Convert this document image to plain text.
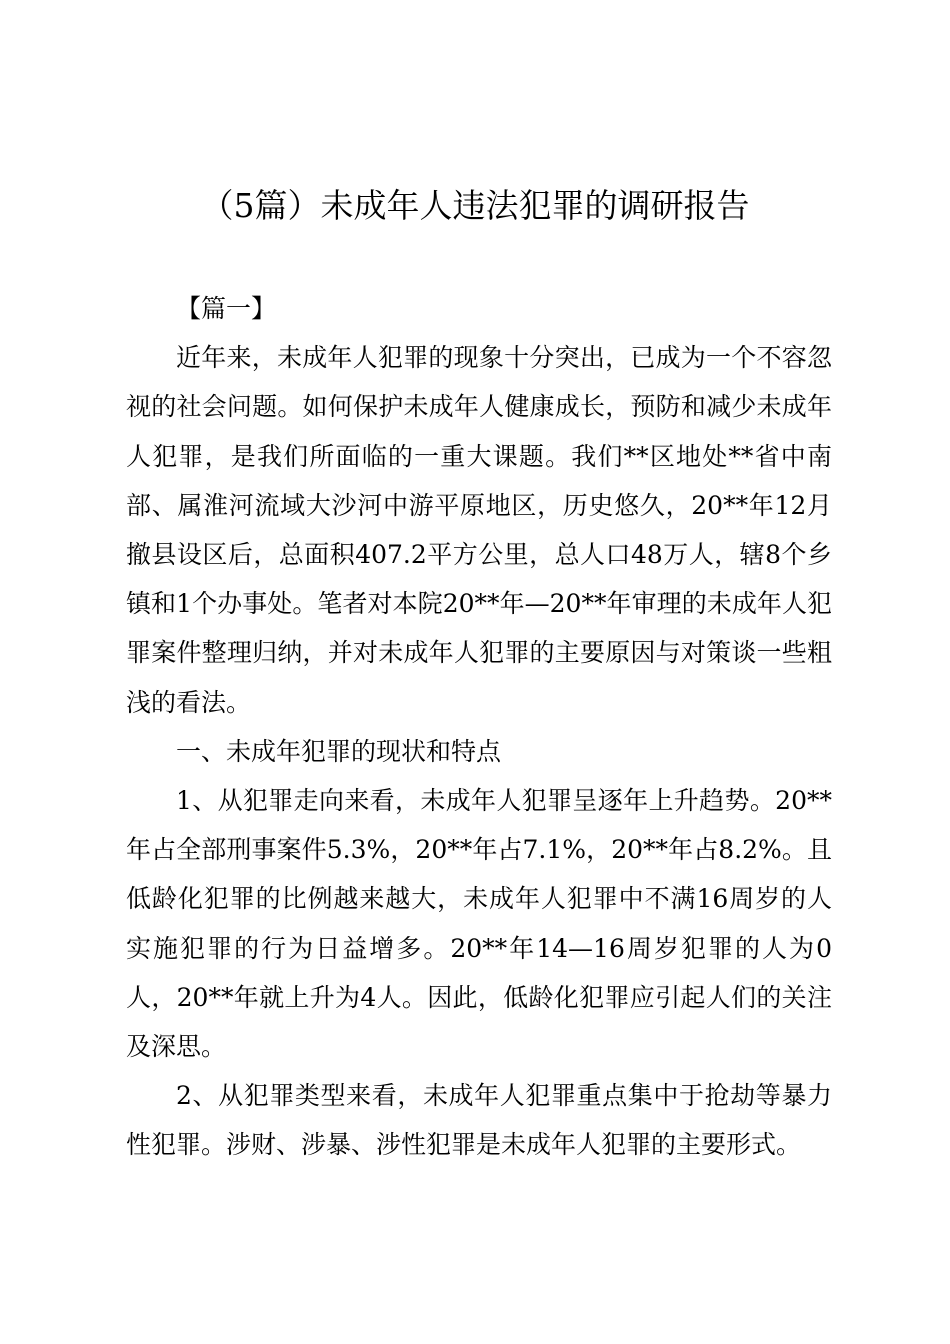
（5篇）未成年人违法犯罪的调研报告

【篇一】

近年来，未成年人犯罪的现象十分突出，已成为一个不容忽视的社会问题。如何保护未成年人健康成长，预防和减少未成年人犯罪，是我们所面临的一重大课题。我们**区地处**省中南部、属淮河流域大沙河中游平原地区，历史悠久，20**年12月撤县设区后，总面积407.2平方公里，总人口48万人，辖8个乡镇和1个办事处。笔者对本院20**年—20**年审理的未成年人犯罪案件整理归纳，并对未成年人犯罪的主要原因与对策谈一些粗浅的看法。

一、未成年犯罪的现状和特点

1、从犯罪走向来看，未成年人犯罪呈逐年上升趋势。20**年占全部刑事案件5.3%，20**年占7.1%，20**年占8.2%。且低龄化犯罪的比例越来越大，未成年人犯罪中不满16周岁的人实施犯罪的行为日益增多。20**年14—16周岁犯罪的人为0人，20**年就上升为4人。因此，低龄化犯罪应引起人们的关注及深思。

2、从犯罪类型来看，未成年人犯罪重点集中于抢劫等暴力性犯罪。涉财、涉暴、涉性犯罪是未成年人犯罪的主要形式。
